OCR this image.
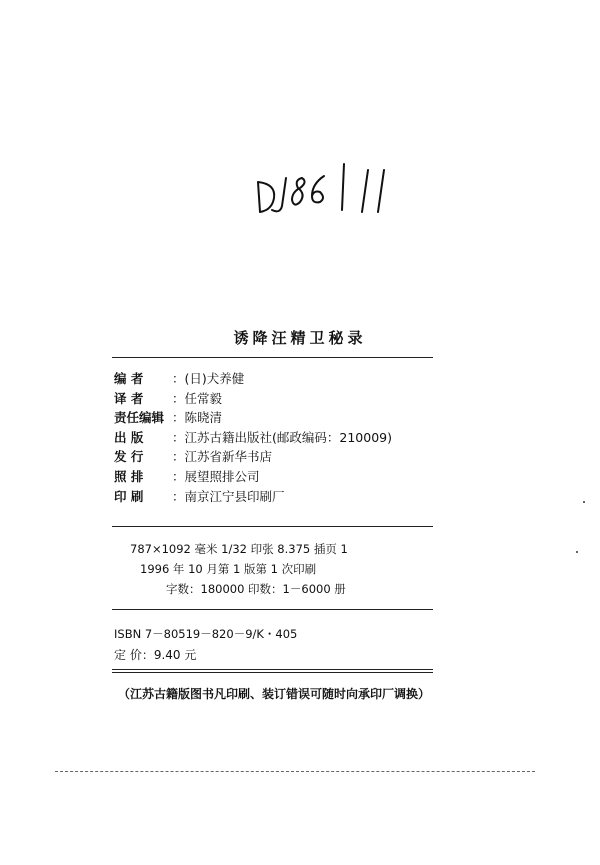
诱降汪精卫秘录
编 者 ：(日)犬养健
译 者 ：任常毅
责任编辑 ：陈晓清
出 版 ：江苏古籍出版社(邮政编码：210009)
发 行 ：江苏省新华书店
照 排 ：展望照排公司
印 刷 ：南京江宁县印刷厂
787×1092 毫米 1/32 印张 8.375 插页 1
1996 年 10 月第 1 版第 1 次印刷
字数：180000 印数：1－6000 册
ISBN 7－80519－820－9/K・405
定 价：9.40 元
（江苏古籍版图书凡印刷、装订错误可随时向承印厂调换）
